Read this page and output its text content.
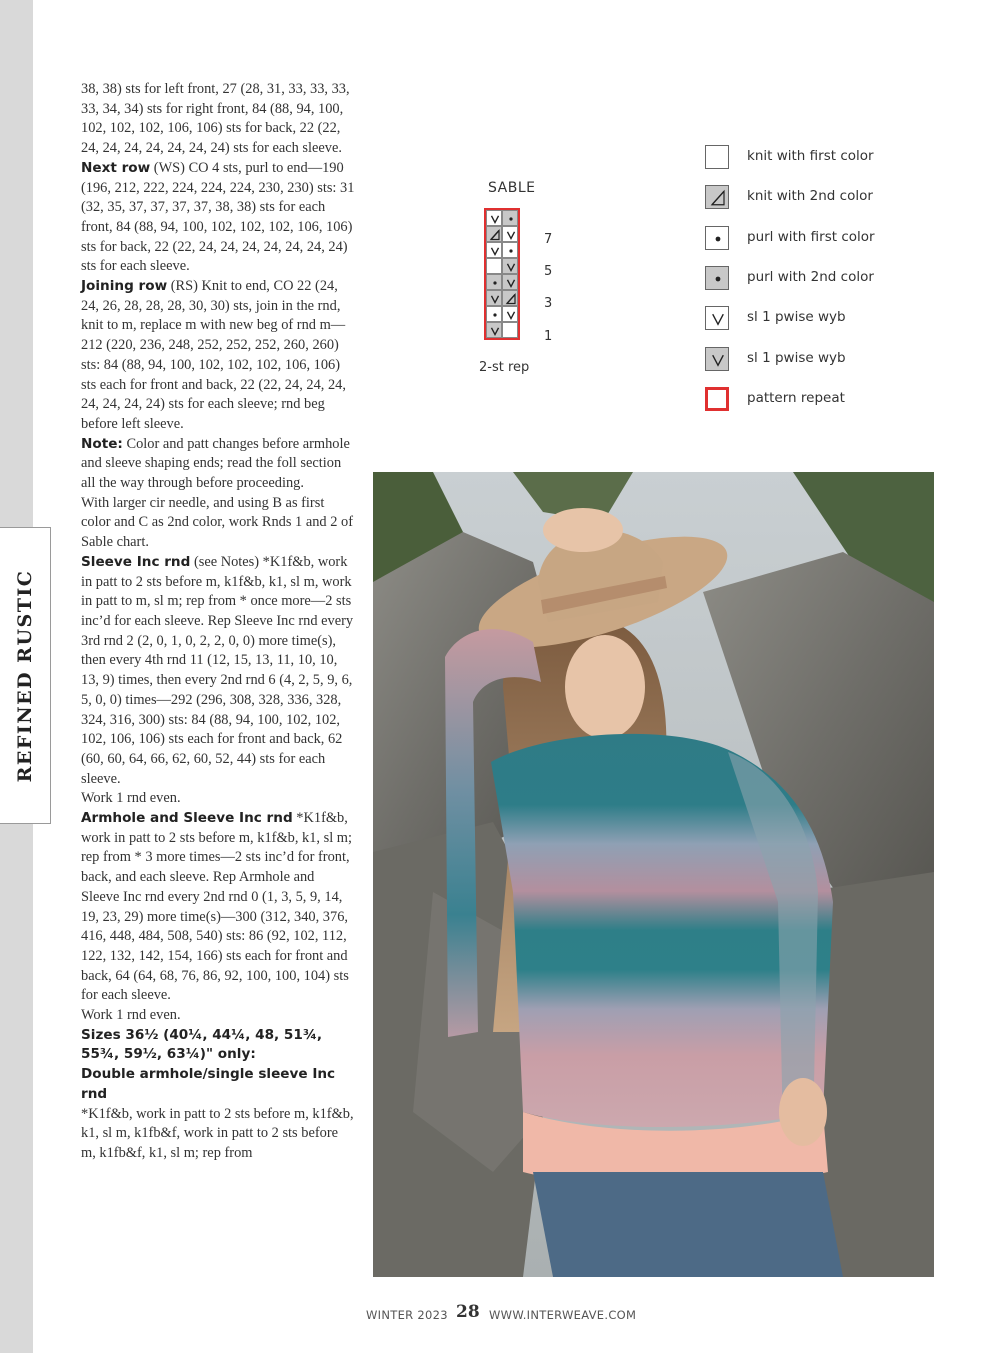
REFINED RUSTIC

38, 38) sts for left front, 27 (28, 31, 33, 33, 33, 33, 34, 34) sts for right front, 84 (88, 94, 100, 102, 102, 102, 106, 106) sts for back, 22 (22, 24, 24, 24, 24, 24, 24, 24) sts for each sleeve.

Next row (WS) CO 4 sts, purl to end—190 (196, 212, 222, 224, 224, 224, 230, 230) sts: 31 (32, 35, 37, 37, 37, 37, 38, 38) sts for each front, 84 (88, 94, 100, 102, 102, 102, 106, 106) sts for back, 22 (22, 24, 24, 24, 24, 24, 24, 24) sts for each sleeve.

Joining row (RS) Knit to end, CO 22 (24, 24, 26, 28, 28, 28, 30, 30) sts, join in the rnd, knit to m, replace m with new beg of rnd m—212 (220, 236, 248, 252, 252, 252, 260, 260) sts: 84 (88, 94, 100, 102, 102, 102, 106, 106) sts each for front and back, 22 (22, 24, 24, 24, 24, 24, 24, 24) sts for each sleeve; rnd beg before left sleeve.

Note: Color and patt changes before armhole and sleeve shaping ends; read the foll section all the way through before proceeding.

With larger cir needle, and using B as first color and C as 2nd color, work Rnds 1 and 2 of Sable chart.

Sleeve Inc rnd (see Notes) *K1f&b, work in patt to 2 sts before m, k1f&b, k1, sl m, work in patt to m, sl m; rep from * once more—2 sts inc’d for each sleeve. Rep Sleeve Inc rnd every 3rd rnd 2 (2, 0, 1, 0, 2, 2, 0, 0) more time(s), then every 4th rnd 11 (12, 15, 13, 11, 10, 10, 13, 9) times, then every 2nd rnd 6 (4, 2, 5, 9, 6, 5, 0, 0) times—292 (296, 308, 328, 336, 328, 324, 316, 300) sts: 84 (88, 94, 100, 102, 102, 102, 106, 106) sts each for front and back, 62 (60, 60, 64, 66, 62, 60, 52, 44) sts for each sleeve.

Work 1 rnd even.

Armhole and Sleeve Inc rnd *K1f&b, work in patt to 2 sts before m, k1f&b, k1, sl m; rep from * 3 more times—2 sts inc’d for front, back, and each sleeve. Rep Armhole and Sleeve Inc rnd every 2nd rnd 0 (1, 3, 5, 9, 14, 19, 23, 29) more time(s)—300 (312, 340, 376, 416, 448, 484, 508, 540) sts: 86 (92, 102, 112, 122, 132, 142, 154, 166) sts each for front and back, 64 (64, 68, 76, 86, 92, 100, 100, 104) sts for each sleeve.

Work 1 rnd even.

Sizes 36½ (40¼, 44¼, 48, 51¾, 55¾, 59½, 63¼)" only:

Double armhole/single sleeve Inc rnd

*K1f&b, work in patt to 2 sts before m, k1f&b, k1, sl m, k1fb&f, work in patt to 2 sts before m, k1fb&f, k1, sl m; rep from

SABLE
7
5
3
1
2-st rep
knit with first color
knit with 2nd color
purl with first color
purl with 2nd color
sl 1 pwise wyb
sl 1 pwise wyb
pattern repeat
WINTER 2023 28 WWW.INTERWEAVE.COM
